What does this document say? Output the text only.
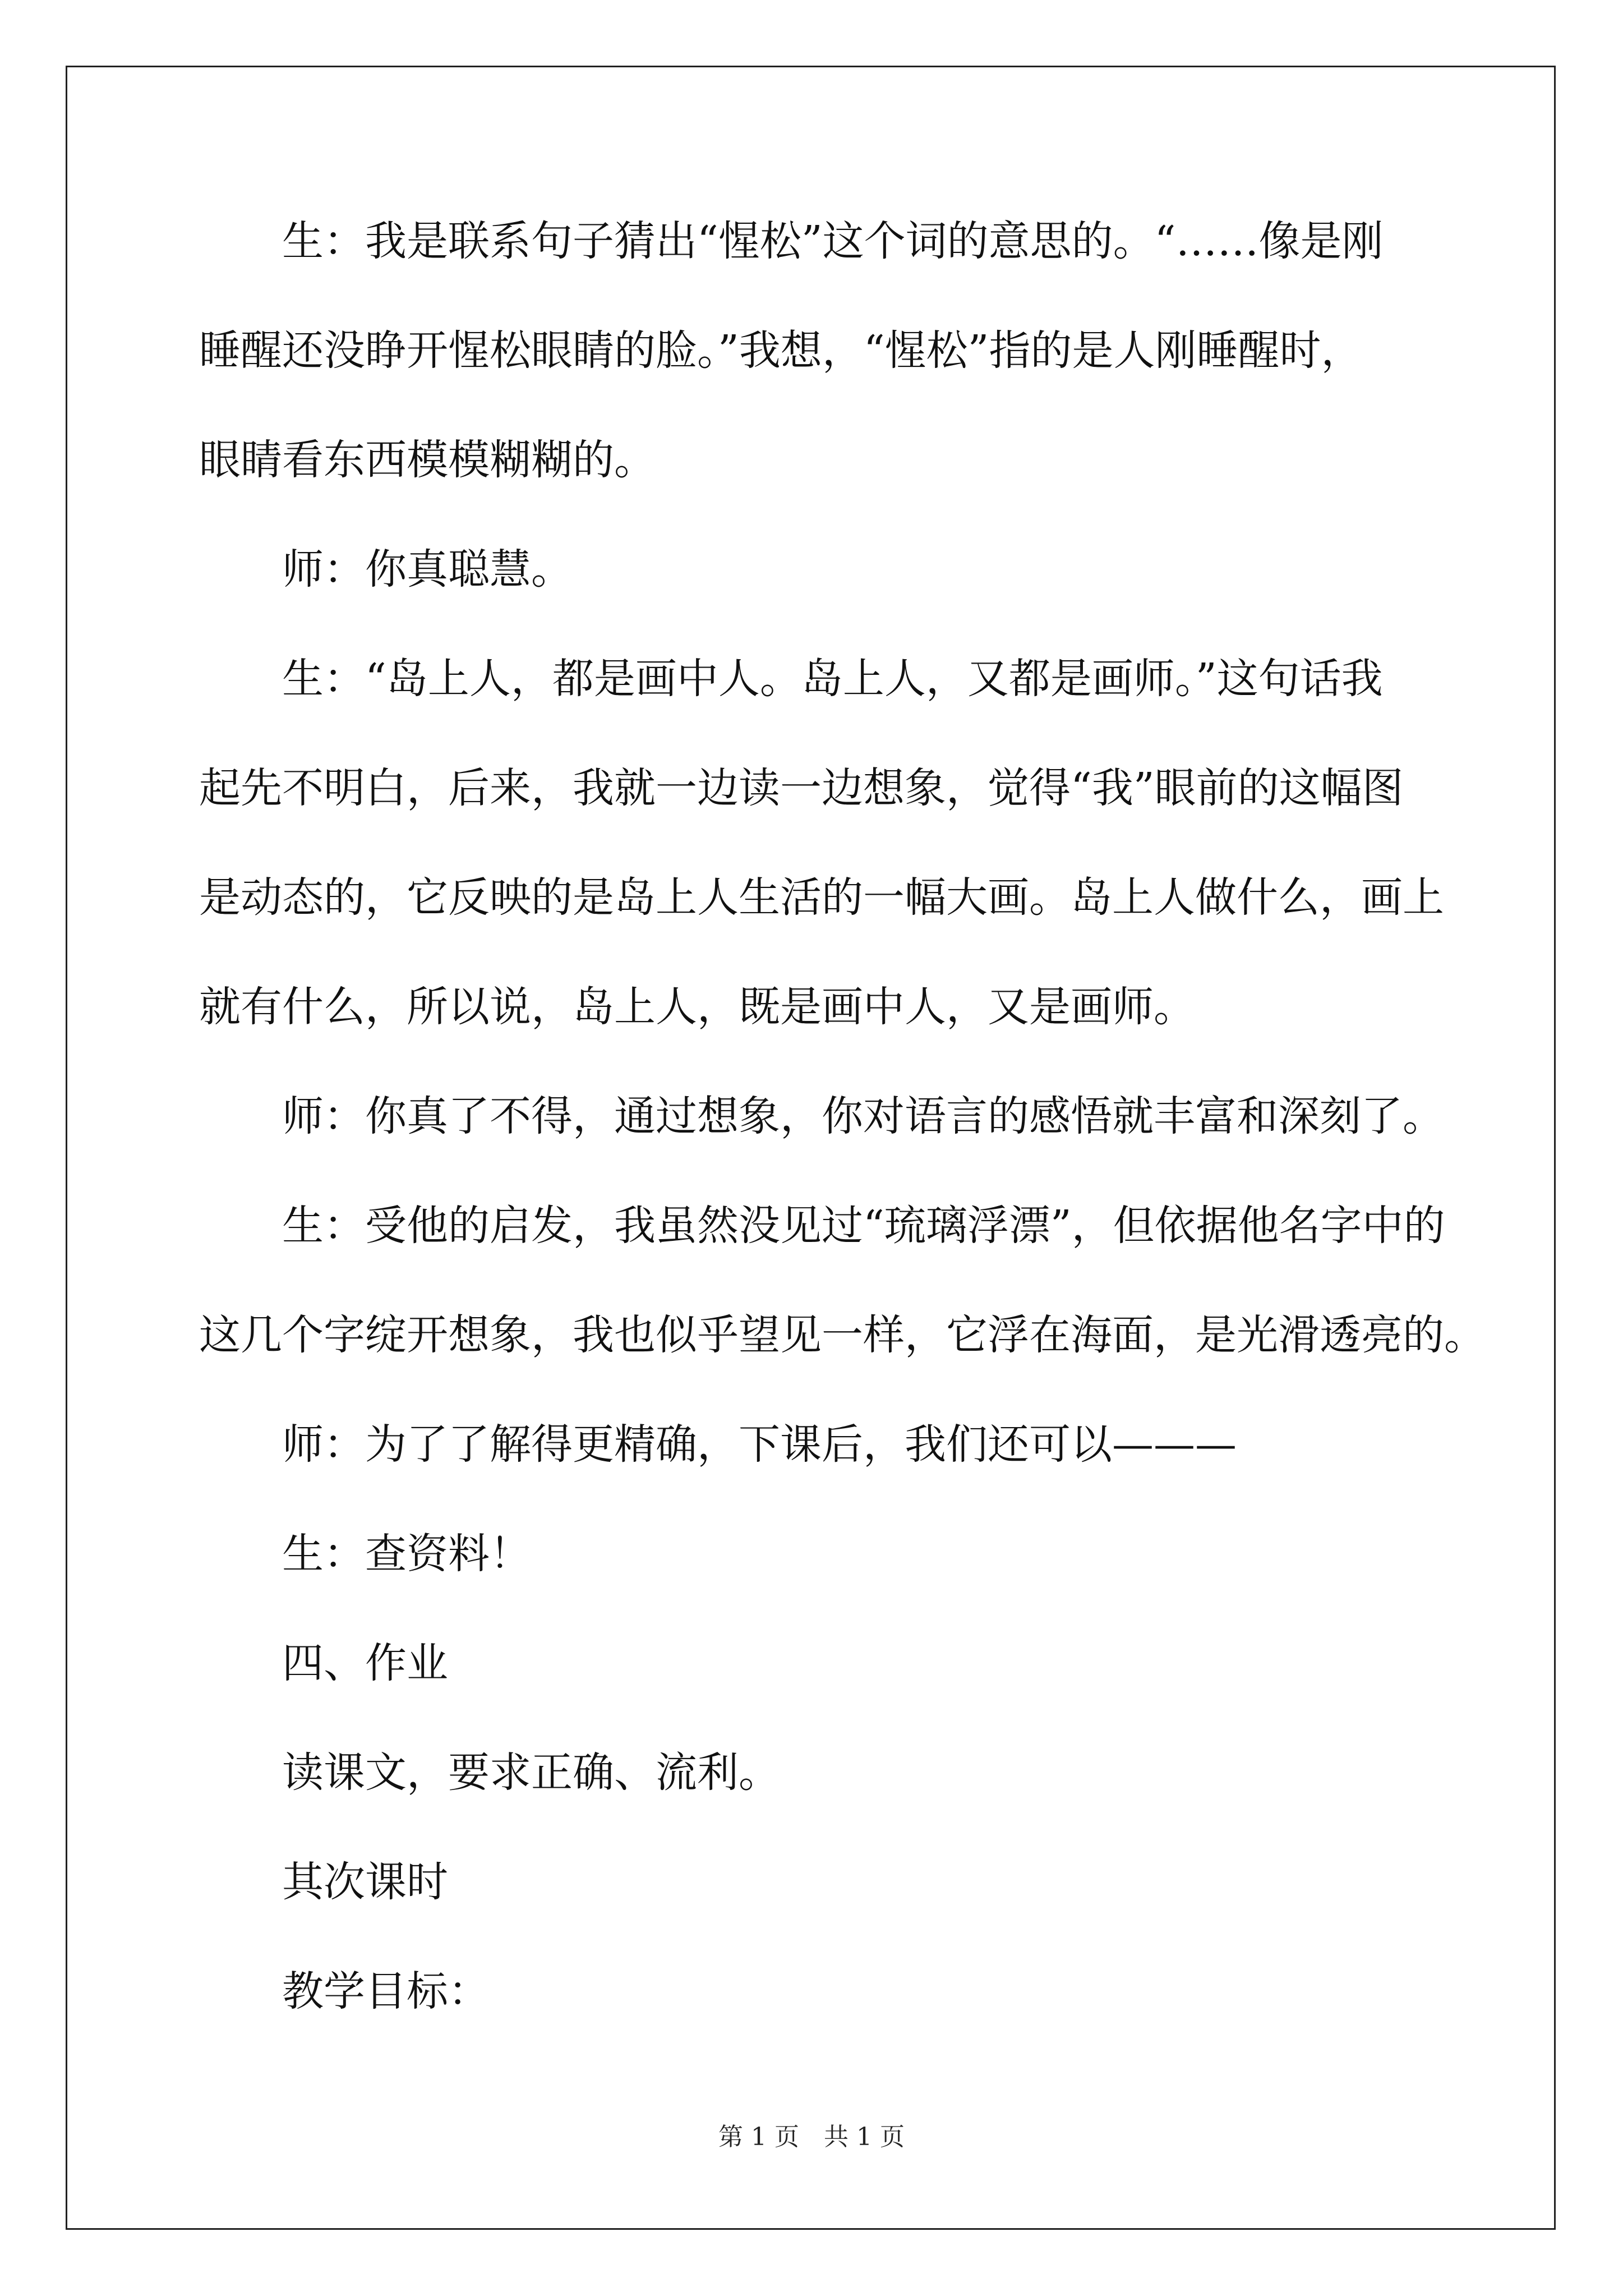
生：我是联系句子猜出“惺松”这个词的意思的。“……像是刚
睡醒还没睁开惺松眼睛的脸。”我想，“惺松”指的是人刚睡醒时，
眼睛看东西模模糊糊的。
师：你真聪慧。
生：“岛上人，都是画中人。岛上人，又都是画师。”这句话我
起先不明白，后来，我就一边读一边想象，觉得“我”眼前的这幅图
是动态的，它反映的是岛上人生活的一幅大画。岛上人做什么，画上
就有什么，所以说，岛上人，既是画中人，又是画师。
师：你真了不得，通过想象，你对语言的感悟就丰富和深刻了。
生：受他的启发，我虽然没见过“琉璃浮漂”，但依据他名字中的
这几个字绽开想象，我也似乎望见一样，它浮在海面，是光滑透亮的。
师：为了了解得更精确，下课后，我们还可以———
生：查资料！
四、作业
读课文，要求正确、流利。
其次课时
教学目标：
第 1 页　共 1 页
